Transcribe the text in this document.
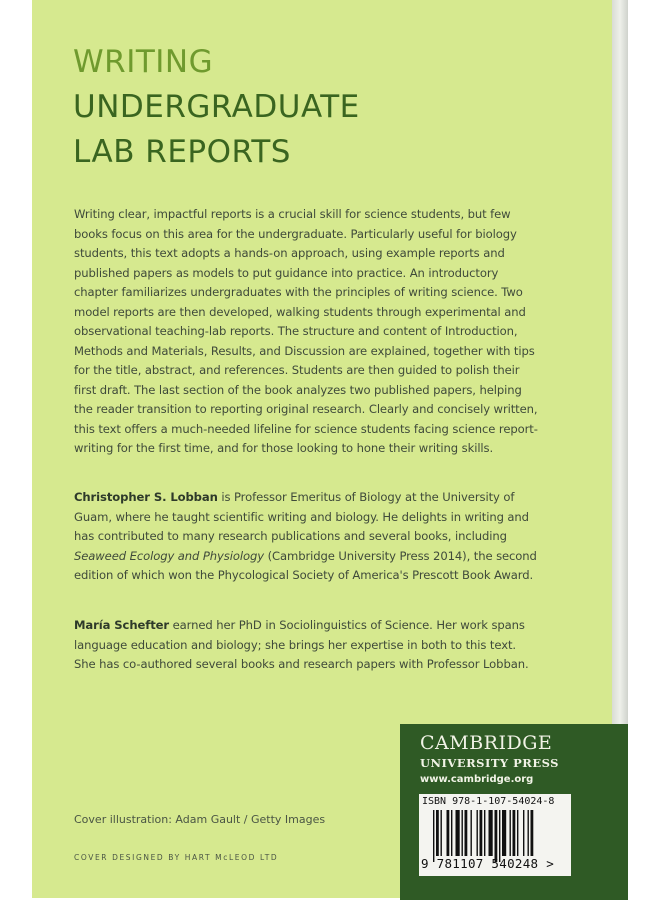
WRITING
UNDERGRADUATE
LAB REPORTS
Writing clear, impactful reports is a crucial skill for science students, but few
books focus on this area for the undergraduate. Particularly useful for biology
students, this text adopts a hands-on approach, using example reports and
published papers as models to put guidance into practice. An introductory
chapter familiarizes undergraduates with the principles of writing science. Two
model reports are then developed, walking students through experimental and
observational teaching-lab reports. The structure and content of Introduction,
Methods and Materials, Results, and Discussion are explained, together with tips
for the title, abstract, and references. Students are then guided to polish their
first draft. The last section of the book analyzes two published papers, helping
the reader transition to reporting original research. Clearly and concisely written,
this text offers a much-needed lifeline for science students facing science report-
writing for the first time, and for those looking to hone their writing skills.
Christopher S. Lobban is Professor Emeritus of Biology at the University of
Guam, where he taught scientific writing and biology. He delights in writing and
has contributed to many research publications and several books, including
Seaweed Ecology and Physiology (Cambridge University Press 2014), the second
edition of which won the Phycological Society of America's Prescott Book Award.
María Schefter earned her PhD in Sociolinguistics of Science. Her work spans
language education and biology; she brings her expertise in both to this text.
She has co-authored several books and research papers with Professor Lobban.
Cover illustration: Adam Gault / Getty Images
COVER DESIGNED BY HART McLEOD LTD
CAMBRIDGE
UNIVERSITY PRESS
www.cambridge.org
ISBN 978-1-107-54024-8
9 781107 540248 >
